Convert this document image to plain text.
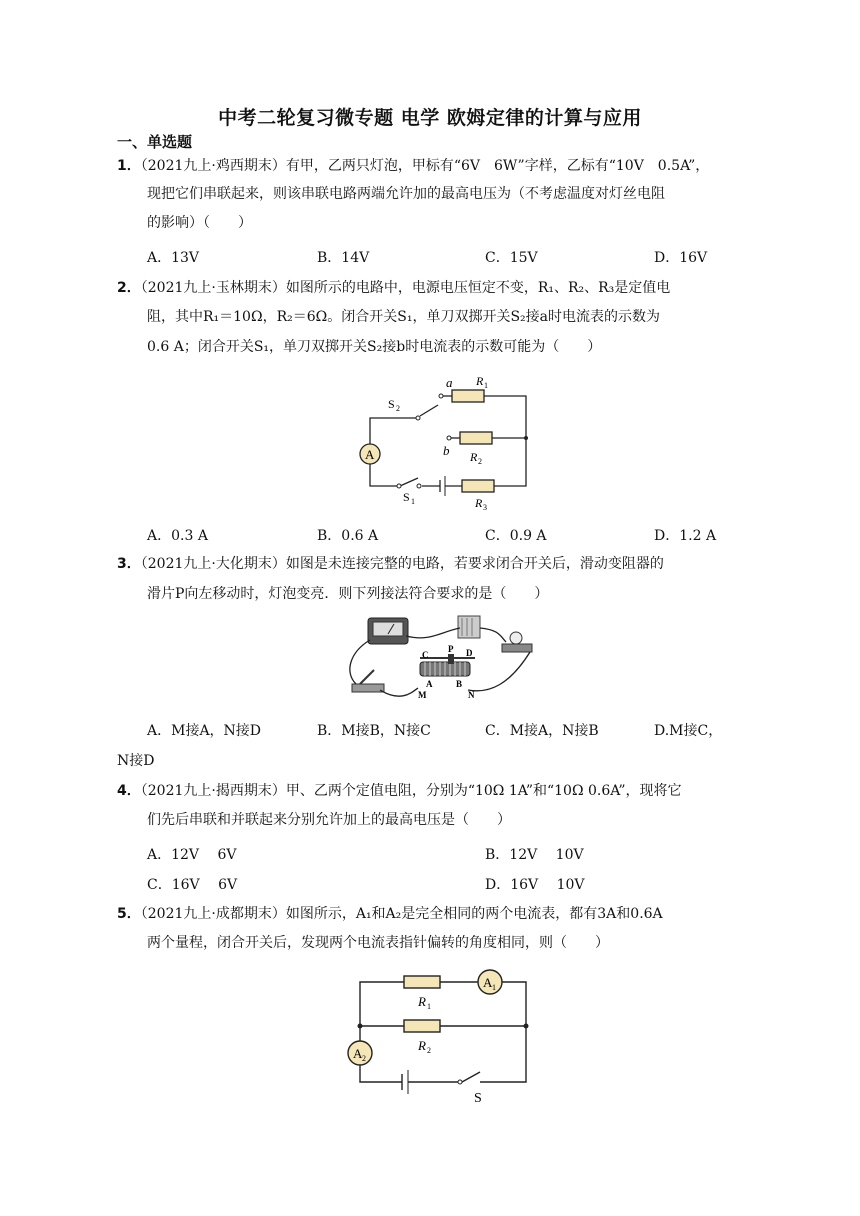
中考二轮复习微专题 电学 欧姆定律的计算与应用
一、单选题
1．（2021九上·鸡西期末）有甲，乙两只灯泡，甲标有“6V　6W”字样，乙标有“10V　0.5A”，
现把它们串联起来，则该串联电路两端允许加的最高电压为（不考虑温度对灯丝电阻
的影响）（　　）
A．13V	B．14V	C．15V	D．16V
2．（2021九上·玉林期末）如图所示的电路中，电源电压恒定不变，R₁、R₂、R₃是定值电
阻，其中R₁＝10Ω，R₂＝6Ω。闭合开关S₁，单刀双掷开关S₂接a时电流表的示数为
0.6 A；闭合开关S₁，单刀双掷开关S₂接b时电流表的示数可能为（　　）
A
a
b
R 1
R 2
R 3
S 1
S 2
A．0.3 A	B．0.6 A	C．0.9 A	D．1.2 A
3．（2021九上·大化期末）如图是未连接完整的电路，若要求闭合开关后，滑动变阻器的
滑片P向左移动时，灯泡变亮．则下列接法符合要求的是（　　）
C
P D
A	B
M	N
A．M接A，N接D	B．M接B，N接C	C．M接A，N接B	D.M接C，
N接D
4．（2021九上·揭西期末）甲、乙两个定值电阻，分别为“10Ω 1A”和“10Ω 0.6A”，现将它
们先后串联和并联起来分别允许加上的最高电压是（　　）
A．12V　 6V	B．12V　 10V
C．16V　 6V	D．16V　 10V
5．（2021九上·成都期末）如图所示，A₁和A₂是完全相同的两个电流表，都有3A和0.6A
两个量程，闭合开关后，发现两个电流表指针偏转的角度相同，则（　　）
A 1
A 2
R 1
R 2
S
